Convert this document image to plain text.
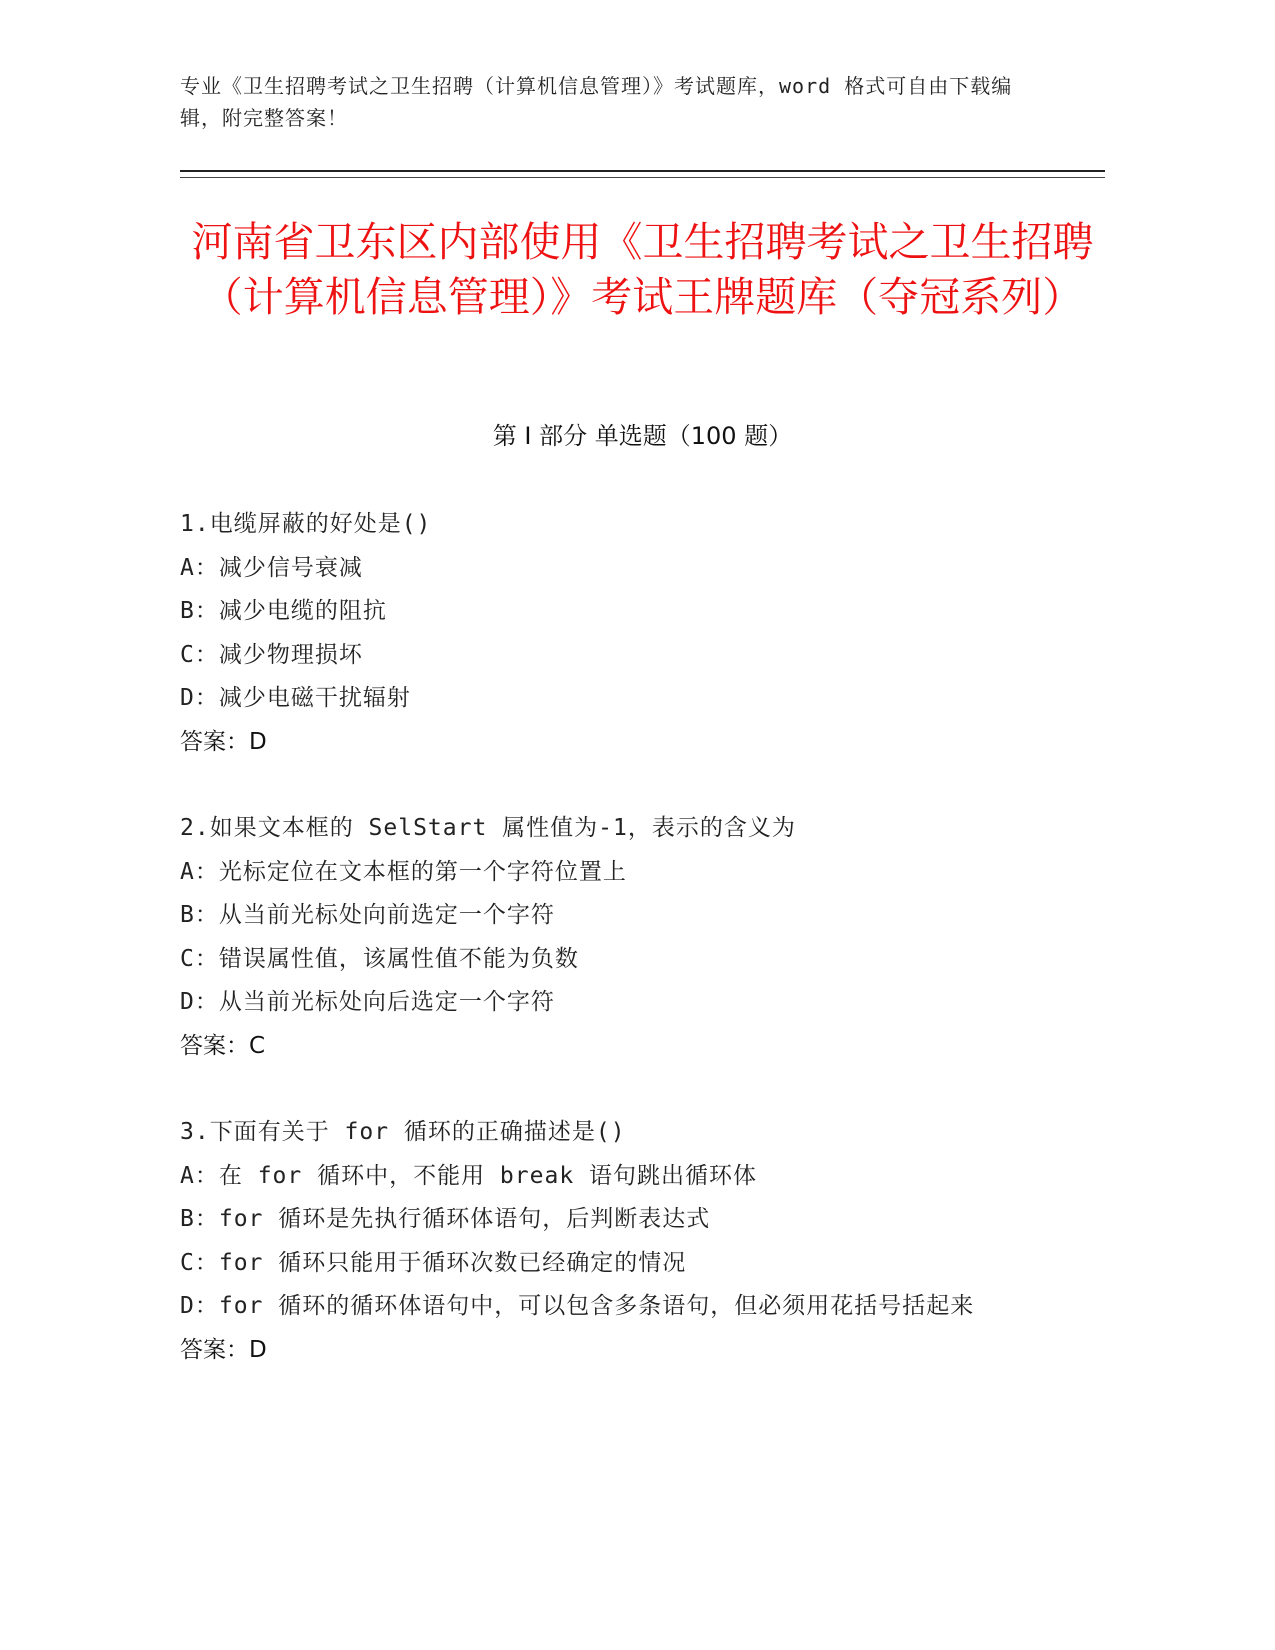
专业《卫生招聘考试之卫生招聘（计算机信息管理）》考试题库，word 格式可自由下载编辑，附完整答案！
河南省卫东区内部使用《卫生招聘考试之卫生招聘（计算机信息管理）》考试王牌题库（夺冠系列）
第 I 部分 单选题（100 题）
1.电缆屏蔽的好处是()
A：减少信号衰减
B：减少电缆的阻抗
C：减少物理损坏
D：减少电磁干扰辐射
答案：D
2.如果文本框的 SelStart 属性值为-1，表示的含义为
A：光标定位在文本框的第一个字符位置上
B：从当前光标处向前选定一个字符
C：错误属性值，该属性值不能为负数
D：从当前光标处向后选定一个字符
答案：C
3.下面有关于 for 循环的正确描述是()
A：在 for 循环中，不能用 break 语句跳出循环体
B：for 循环是先执行循环体语句，后判断表达式
C：for 循环只能用于循环次数已经确定的情况
D：for 循环的循环体语句中，可以包含多条语句，但必须用花括号括起来
答案：D
